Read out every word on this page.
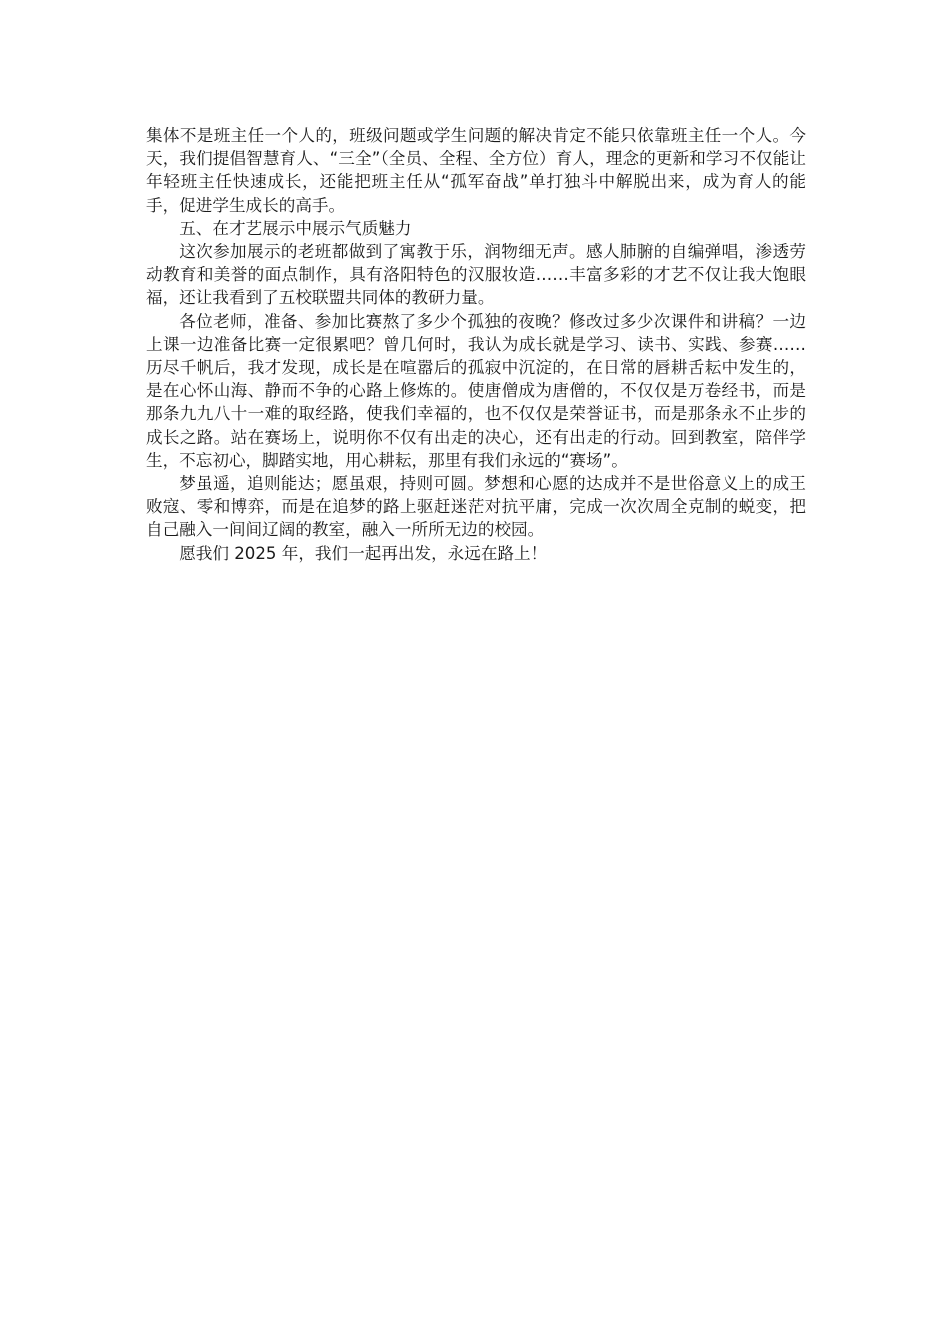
集体不是班主任一个人的，班级问题或学生问题的解决肯定不能只依靠班主任一个人。今天，我们提倡智慧育人、“三全”（全员、全程、全方位）育人，理念的更新和学习不仅能让年轻班主任快速成长，还能把班主任从“孤军奋战”单打独斗中解脱出来，成为育人的能手，促进学生成长的高手。

五、在才艺展示中展示气质魅力

这次参加展示的老班都做到了寓教于乐，润物细无声。感人肺腑的自编弹唱，渗透劳动教育和美誉的面点制作，具有洛阳特色的汉服妆造……丰富多彩的才艺不仅让我大饱眼福，还让我看到了五校联盟共同体的教研力量。

各位老师，准备、参加比赛熬了多少个孤独的夜晚？修改过多少次课件和讲稿？一边上课一边准备比赛一定很累吧？曾几何时，我认为成长就是学习、读书、实践、参赛……历尽千帆后，我才发现，成长是在喧嚣后的孤寂中沉淀的，在日常的唇耕舌耘中发生的，是在心怀山海、静而不争的心路上修炼的。使唐僧成为唐僧的，不仅仅是万卷经书，而是那条九九八十一难的取经路，使我们幸福的，也不仅仅是荣誉证书，而是那条永不止步的成长之路。站在赛场上，说明你不仅有出走的决心，还有出走的行动。回到教室，陪伴学生，不忘初心，脚踏实地，用心耕耘，那里有我们永远的“赛场”。

梦虽遥，追则能达；愿虽艰，持则可圆。梦想和心愿的达成并不是世俗意义上的成王败寇、零和博弈，而是在追梦的路上驱赶迷茫对抗平庸，完成一次次周全克制的蜕变，把自己融入一间间辽阔的教室，融入一所所无边的校园。

愿我们 2025 年，我们一起再出发，永远在路上！
